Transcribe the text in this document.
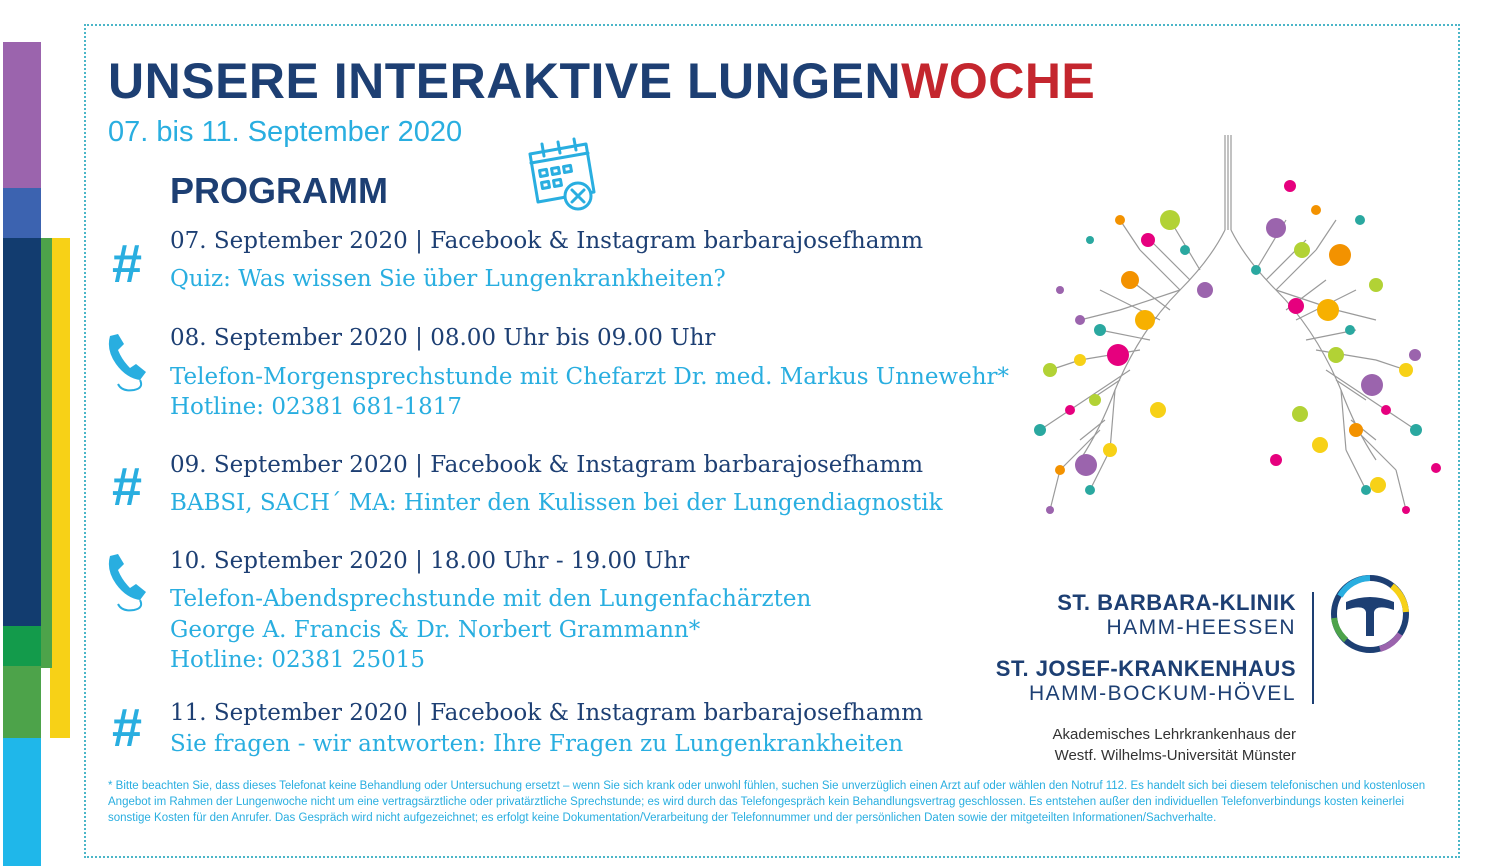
UNSERE INTERAKTIVE LUNGENWOCHE
07. bis 11. September 2020
PROGRAMM
#	07. September 2020 | Facebook & Instagram barbarajosefhamm
Quiz: Was wissen Sie über Lungenkrankheiten?
08. September 2020 | 08.00 Uhr bis 09.00 Uhr
Telefon-Morgensprechstunde mit Chefarzt Dr. med. Markus Unnewehr*
Hotline: 02381 681-1817
#	09. September 2020 | Facebook & Instagram barbarajosefhamm
BABSI, SACH´ MA: Hinter den Kulissen bei der Lungendiagnostik
10. September 2020 | 18.00 Uhr - 19.00 Uhr
Telefon-Abendsprechstunde mit den Lungenfachärzten
George A. Francis & Dr. Norbert Grammann*
Hotline: 02381 25015
#	11. September 2020 | Facebook & Instagram barbarajosefhamm
Sie fragen - wir antworten: Ihre Fragen zu Lungenkrankheiten
ST. BARBARA-KLINIK
HAMM-HEESSEN
ST. JOSEF-KRANKENHAUS
HAMM-BOCKUM-HÖVEL
Akademisches Lehrkrankenhaus der
Westf. Wilhelms-Universität Münster
* Bitte beachten Sie, dass dieses Telefonat keine Behandlung oder Untersuchung ersetzt – wenn Sie sich krank oder unwohl fühlen, suchen Sie unverzüglich einen Arzt auf oder wählen den Notruf 112. Es handelt sich bei diesem telefonischen und kostenlosen Angebot im Rahmen der Lungenwoche nicht um eine vertragsärztliche oder privatärztliche Sprechstunde; es wird durch das Telefongespräch kein Behandlungsvertrag geschlossen. Es entstehen außer den individuellen Telefonverbindungs kosten keinerlei sonstige Kosten für den Anrufer. Das Gespräch wird nicht aufgezeichnet; es erfolgt keine Dokumentation/Verarbeitung der Telefonnummer und der persönlichen Daten sowie der mitgeteilten Informationen/Sachverhalte.
